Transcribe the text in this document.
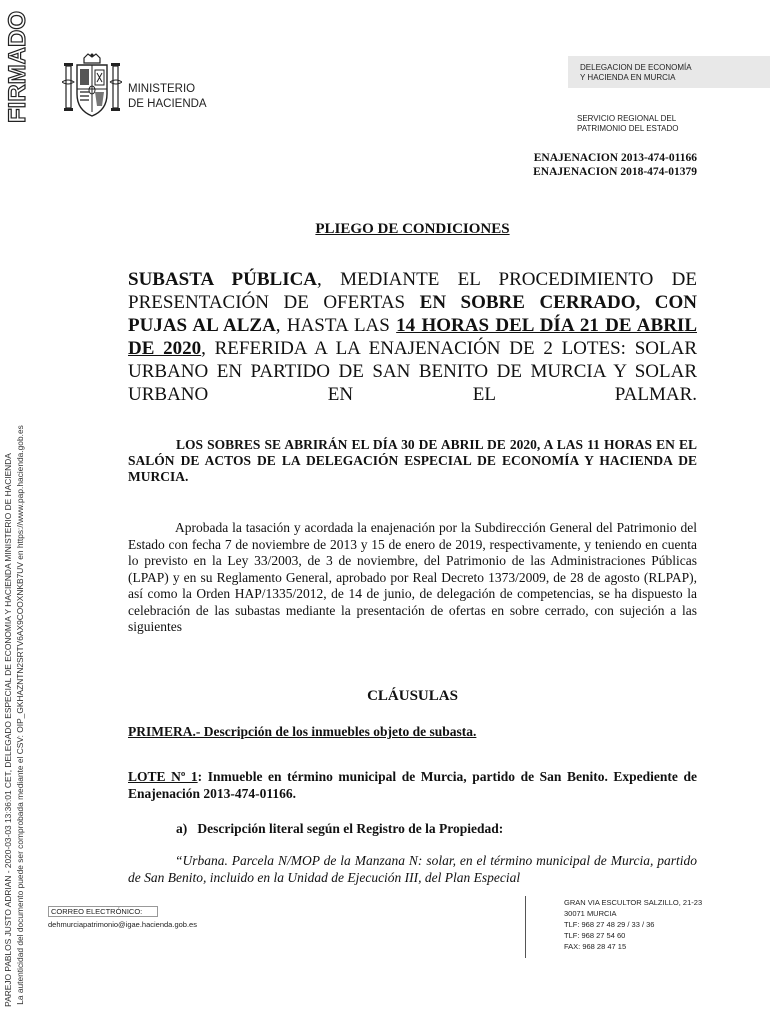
FIRMADO
PAREJO PABLOS JUSTO ADRIAN - 2020-03-03 13:36:01 CET, DELEGADO ESPECIAL DE ECONOMIA Y HACIENDA MINISTERIO DE HACIENDA La autenticidad del documento puede ser comprobada mediante el CSV: OIP_GKHAZNTN2SRTV6AX9COOXNKB7UV en https://www.pap.hacienda.gob.es
MINISTERIO
DE HACIENDA
DELEGACION DE ECONOMÍA
Y HACIENDA EN MURCIA
SERVICIO REGIONAL DEL
PATRIMONIO DEL ESTADO
ENAJENACION 2013-474-01166
ENAJENACION 2018-474-01379
PLIEGO DE CONDICIONES
SUBASTA PÚBLICA, MEDIANTE EL PROCEDIMIENTO DE PRESENTACIÓN DE OFERTAS EN SOBRE CERRADO, CON PUJAS AL ALZA, HASTA LAS 14 HORAS DEL DÍA 21 DE ABRIL DE 2020, REFERIDA A LA ENAJENACIÓN DE 2 LOTES: SOLAR URBANO EN PARTIDO DE SAN BENITO DE MURCIA Y SOLAR URBANO EN EL PALMAR.
LOS SOBRES SE ABRIRÁN EL DÍA 30 DE ABRIL DE 2020, A LAS 11 HORAS EN EL SALÓN DE ACTOS DE LA DELEGACIÓN ESPECIAL DE ECONOMÍA Y HACIENDA DE MURCIA.
Aprobada la tasación y acordada la enajenación por la Subdirección General del Patrimonio del Estado con fecha 7 de noviembre de 2013 y 15 de enero de 2019, respectivamente, y teniendo en cuenta lo previsto en la Ley 33/2003, de 3 de noviembre, del Patrimonio de las Administraciones Públicas (LPAP) y en su Reglamento General, aprobado por Real Decreto 1373/2009, de 28 de agosto (RLPAP), así como la Orden HAP/1335/2012, de 14 de junio, de delegación de competencias, se ha dispuesto la celebración de las subastas mediante la presentación de ofertas en sobre cerrado, con sujeción a las siguientes
CLÁUSULAS
PRIMERA.- Descripción de los inmuebles objeto de subasta.
LOTE Nº 1: Inmueble en término municipal de Murcia, partido de San Benito. Expediente de Enajenación 2013-474-01166.
a)   Descripción literal según el Registro de la Propiedad:
“Urbana. Parcela N/MOP de la Manzana N: solar, en el término municipal de Murcia, partido de San Benito, incluido en la Unidad de Ejecución III, del Plan Especial
CORREO ELECTRÓNICO:
dehmurciapatrimonio@igae.hacienda.gob.es
GRAN VIA ESCULTOR SALZILLO, 21-23
30071 MURCIA
TLF: 968 27 48 29 / 33 / 36
TLF: 968 27 54 60
FAX: 968 28 47 15
